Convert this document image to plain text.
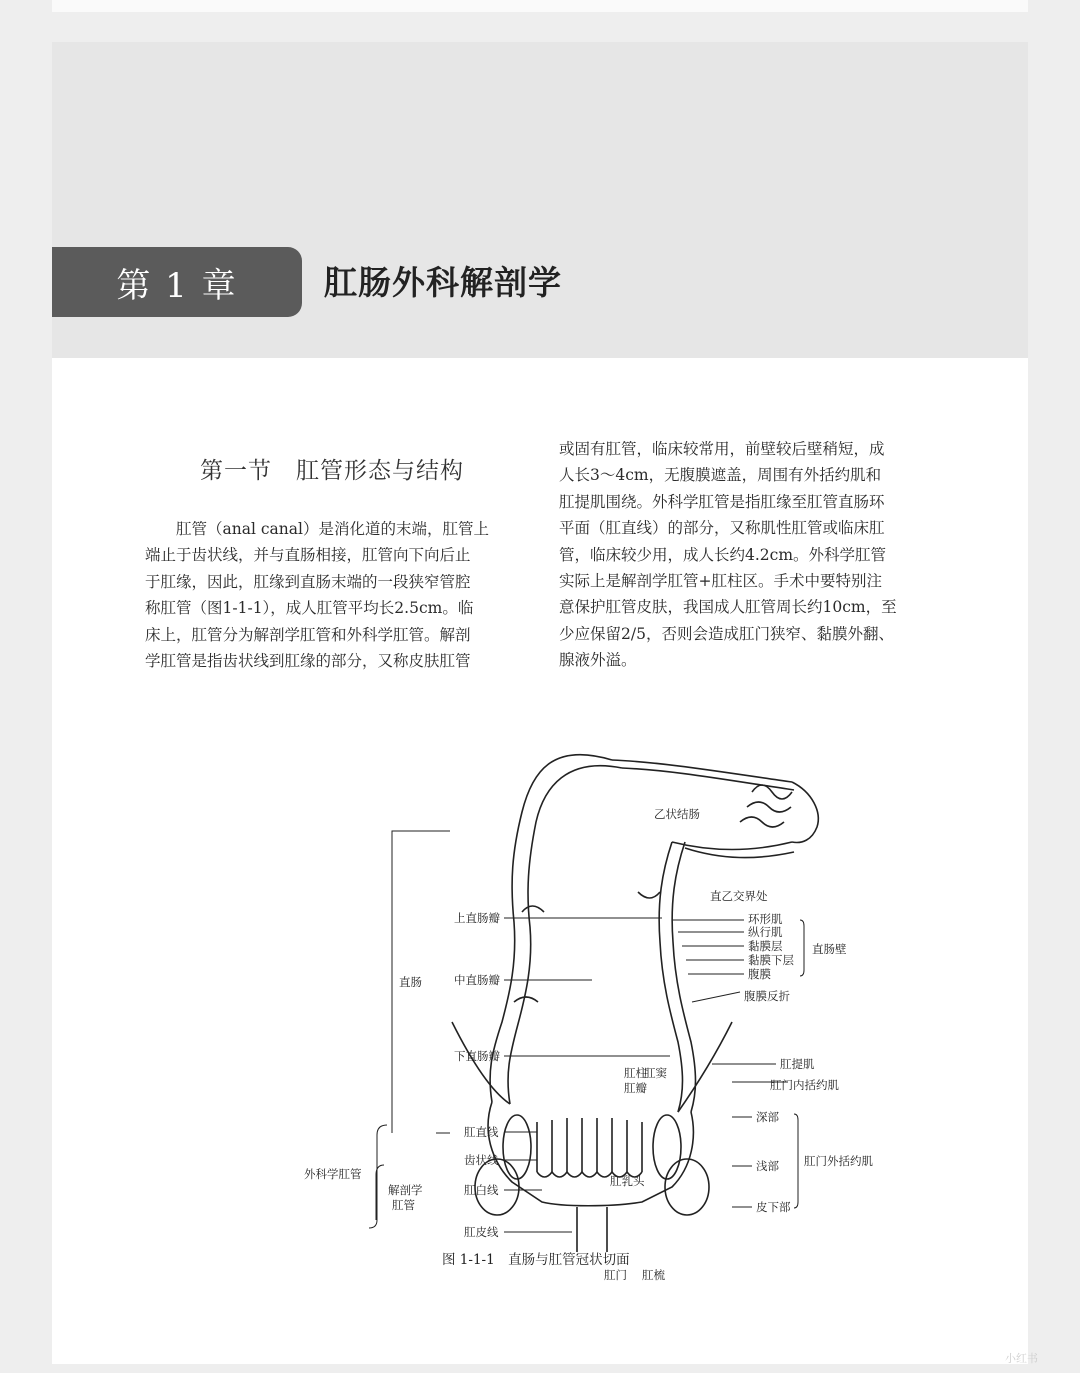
第 1 章	肛肠外科解剖学
第一节　肛管形态与结构
肛管（anal canal）是消化道的末端，肛管上
端止于齿状线，并与直肠相接，肛管向下向后止
于肛缘，因此，肛缘到直肠末端的一段狭窄管腔
称肛管（图1-1-1），成人肛管平均长2.5cm。临
床上，肛管分为解剖学肛管和外科学肛管。解剖
学肛管是指齿状线到肛缘的部分，又称皮肤肛管
或固有肛管，临床较常用，前壁较后壁稍短，成
人长3～4cm，无腹膜遮盖，周围有外括约肌和
肛提肌围绕。外科学肛管是指肛缘至肛管直肠环
平面（肛直线）的部分，又称肌性肛管或临床肛
管，临床较少用，成人长约4.2cm。外科学肛管
实际上是解剖学肛管+肛柱区。手术中要特别注
意保护肛管皮肤，我国成人肛管周长约10cm，至
少应保留2/5，否则会造成肛门狭窄、黏膜外翻、
腺液外溢。
乙状结肠
直乙交界处
环形肌
纵行肌
黏膜层
黏膜下层
腹膜
直肠壁
腹膜反折
肛提肌
肛门内括约肌
深部
浅部
皮下部
肛门外括约肌
上直肠瓣
中直肠瓣
下直肠瓣
直肠
肛直线
齿状线
肛白线
肛皮线
外科学肛管
解剖学
肛管
肛柱
肛瓣
肛窦
肛乳头
肛门 肛梳
图 1-1-1　直肠与肛管冠状切面
小红书
